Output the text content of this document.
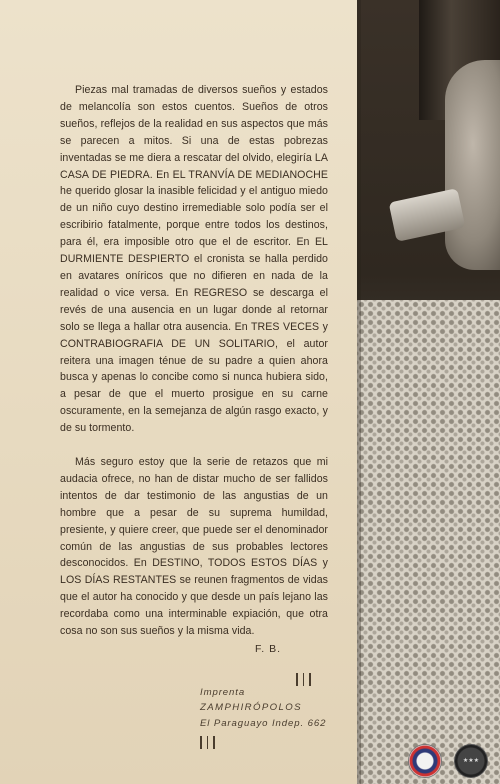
Piezas mal tramadas de diversos sueños y estados de melancolía son estos cuentos. Sueños de otros sueños, reflejos de la realidad en sus aspectos que más se parecen a mitos. Si una de estas pobrezas inventadas se me diera a rescatar del olvido, elegiría LA CASA DE PIEDRA. En EL TRANVÍA DE MEDIANOCHE he querido glosar la inasible felicidad y el antiguo miedo de un niño cuyo destino irremediable solo podía ser el escribirio fatalmente, porque entre todos los destinos, para él, era imposible otro que el de escritor. En EL DURMIENTE DESPIERTO el cronista se halla perdido en avatares oníricos que no difieren en nada de la realidad o vice versa. En REGRESO se descarga el revés de una ausencia en un lugar donde al retornar solo se llega a hallar otra ausencia. En TRES VECES y CONTRABIOGRAFIA DE UN SOLITARIO, el autor reitera una imagen ténue de su padre a quien ahora busca y apenas lo concibe como si nunca hubiera sido, a pesar de que el muerto prosigue en su carne oscuramente, en la semejanza de algún rasgo exacto, y de su tormento.

Más seguro estoy que la serie de retazos que mi audacia ofrece, no han de distar mucho de ser fallidos intentos de dar testimonio de las angustias de un hombre que a pesar de su suprema humildad, presiente, y quiere creer, que puede ser el denominador común de las angustias de sus probables lectores desconocidos. En DESTINO, TODOS ESTOS DÍAS y LOS DÍAS RESTANTES se reunen fragmentos de vidas que el autor ha conocido y que desde un país lejano las recordaba como una interminable expiación, que otra cosa no son sus sueños y la misma vida.

F. B.
Imprenta
ZAMPHIRÓPOLOS
El Paraguayo Indep. 662
★★★
